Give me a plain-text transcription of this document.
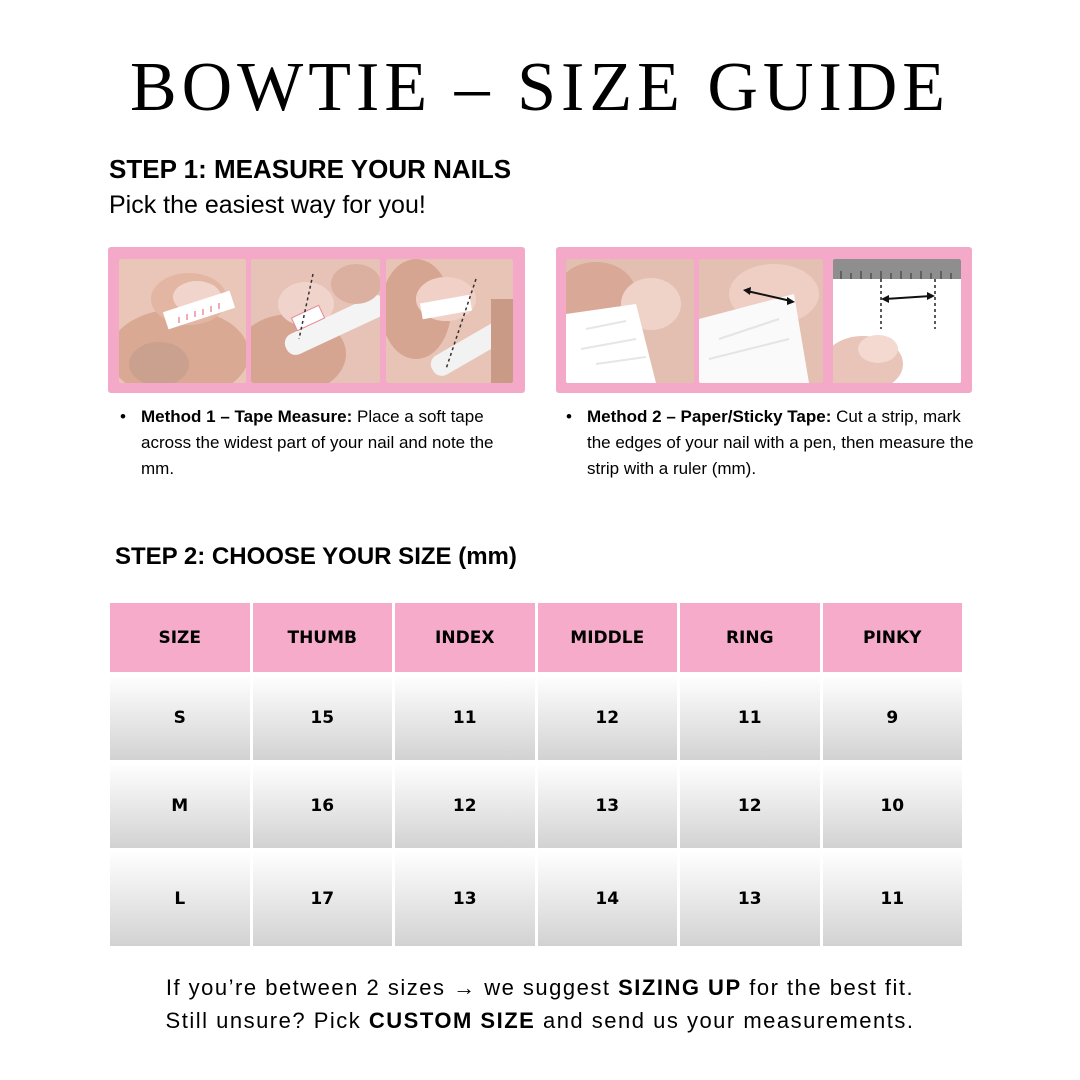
BOWTIE – SIZE GUIDE
STEP 1: MEASURE YOUR NAILS
Pick the easiest way for you!
• Method 1 – Tape Measure: Place a soft tape across the widest part of your nail and note the mm.
• Method 2 – Paper/Sticky Tape: Cut a strip, mark the edges of your nail with a pen, then measure the strip with a ruler (mm).
STEP 2: CHOOSE YOUR SIZE (mm)
SIZE	THUMB	INDEX	MIDDLE	RING	PINKY
S	15	11	12	11	9
M	16	12	13	12	10
L	17	13	14	13	11
If you’re between 2 sizes → we suggest SIZING UP for the best fit.
Still unsure? Pick CUSTOM SIZE and send us your measurements.
